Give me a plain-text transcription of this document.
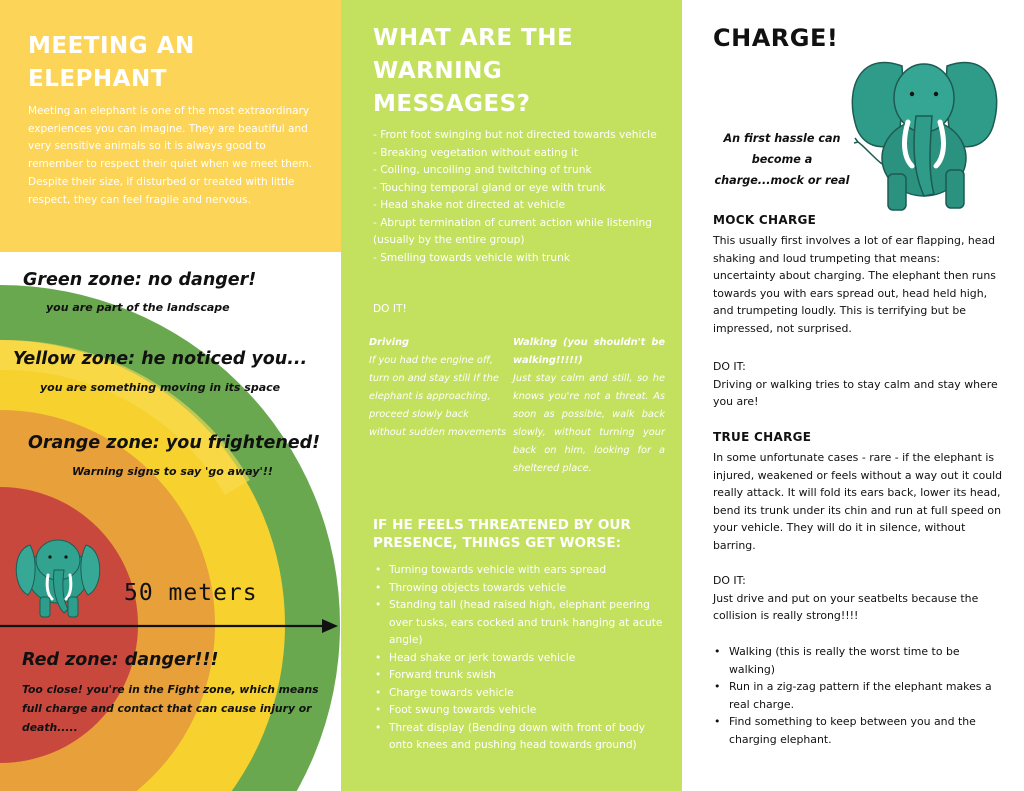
MEETING AN ELEPHANT

Meeting an elephant is one of the most extraordinary experiences you can imagine. They are beautiful and very sensitive animals so it is always good to remember to respect their quiet when we meet them. Despite their size, if disturbed or treated with little respect, they can feel fragile and nervous.

Green zone: no danger!
you are part of the landscape
Yellow zone: he noticed you...
you are something moving in its space
Orange zone: you frightened!
Warning signs to say 'go away'!!
50 meters
Red zone: danger!!!

Too close! you're in the Fight zone, which means full charge and contact that can cause injury or death.....

WHAT ARE THE WARNING MESSAGES?
- Front foot swinging but not directed towards vehicle
- Breaking vegetation without eating it
- Coiling, uncoiling and twitching of trunk
- Touching temporal gland or eye with trunk
- Head shake not directed at vehicle
- Abrupt termination of current action while listening (usually by the entire group)
- Smelling towards vehicle with trunk
DO IT!
Driving
If you had the engine off, turn on and stay still If the elephant is approaching, proceed slowly back without sudden movements
Walking (you shouldn't be walking!!!!!)
Just stay calm and still, so he knows you're not a threat. As soon as possible, walk back slowly, without turning your back on him, looking for a sheltered place.
IF HE FEELS THREATENED BY OUR PRESENCE, THINGS GET WORSE:
• Turning towards vehicle with ears spread
• Throwing objects towards vehicle
• Standing tall (head raised high, elephant peering over tusks, ears cocked and trunk hanging at acute angle)
• Head shake or jerk towards vehicle
• Forward trunk swish
• Charge towards vehicle
• Foot swung towards vehicle
• Threat display (Bending down with front of body onto knees and pushing head towards ground)
CHARGE!

An first hassle can become a charge...mock or real

MOCK CHARGE

This usually first involves a lot of ear flapping, head shaking and loud trumpeting that means: uncertainty about charging. The elephant then runs towards you with ears spread out, head held high, and trumpeting loudly. This is terrifying but be impressed, not surprised.

DO IT:
Driving or walking tries to stay calm and stay where you are!

TRUE CHARGE

In some unfortunate cases - rare - if the elephant is injured, weakened or feels without a way out it could really attack. It will fold its ears back, lower its head, bend its trunk under its chin and run at full speed on your vehicle. They will do it in silence, without barring.

DO IT:
Just drive and put on your seatbelts because the collision is really strong!!!!

• Walking (this is really the worst time to be walking)
• Run in a zig-zag pattern if the elephant makes a real charge.
• Find something to keep between you and the charging elephant.
